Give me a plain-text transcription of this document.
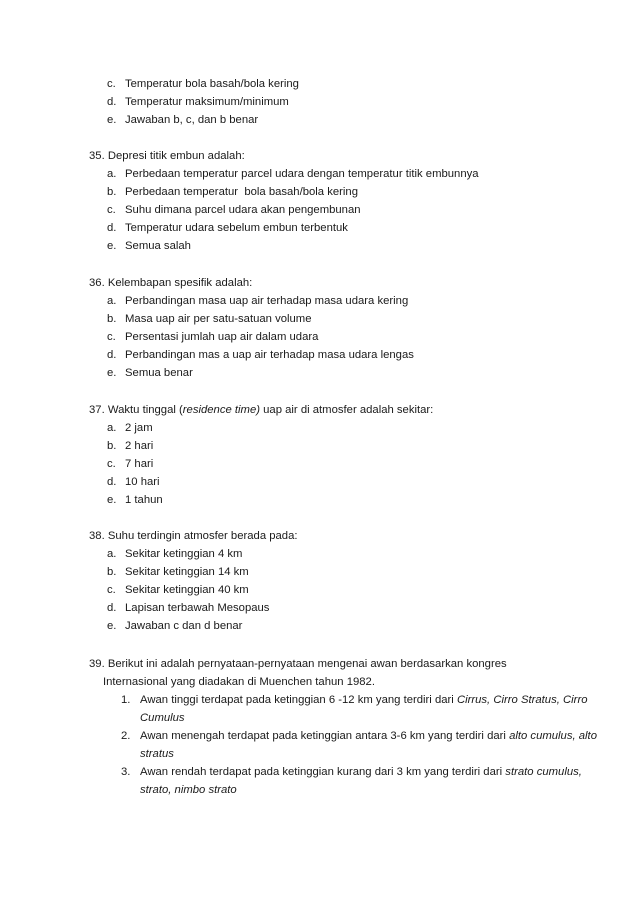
c. Temperatur bola basah/bola kering
d. Temperatur maksimum/minimum
e. Jawaban b, c, dan b benar
35. Depresi titik embun adalah:
a. Perbedaan temperatur parcel udara dengan temperatur titik embunnya
b. Perbedaan temperatur  bola basah/bola kering
c. Suhu dimana parcel udara akan pengembunan
d. Temperatur udara sebelum embun terbentuk
e. Semua salah
36. Kelembapan spesifik adalah:
a. Perbandingan masa uap air terhadap masa udara kering
b. Masa uap air per satu-satuan volume
c. Persentasi jumlah uap air dalam udara
d. Perbandingan mas a uap air terhadap masa udara lengas
e. Semua benar
37. Waktu tinggal (residence time) uap air di atmosfer adalah sekitar:
a. 2 jam
b. 2 hari
c. 7 hari
d. 10 hari
e. 1 tahun
38. Suhu terdingin atmosfer berada pada:
a. Sekitar ketinggian 4 km
b. Sekitar ketinggian 14 km
c. Sekitar ketinggian 40 km
d. Lapisan terbawah Mesopaus
e. Jawaban c dan d benar
39. Berikut ini adalah pernyataan-pernyataan mengenai awan berdasarkan kongres
Internasional yang diadakan di Muenchen tahun 1982.
1. Awan tinggi terdapat pada ketinggian 6 -12 km yang terdiri dari Cirrus, Cirro Stratus, Cirro Cumulus
2. Awan menengah terdapat pada ketinggian antara 3-6 km yang terdiri dari alto cumulus, alto stratus
3. Awan rendah terdapat pada ketinggian kurang dari 3 km yang terdiri dari strato cumulus, strato, nimbo strato
